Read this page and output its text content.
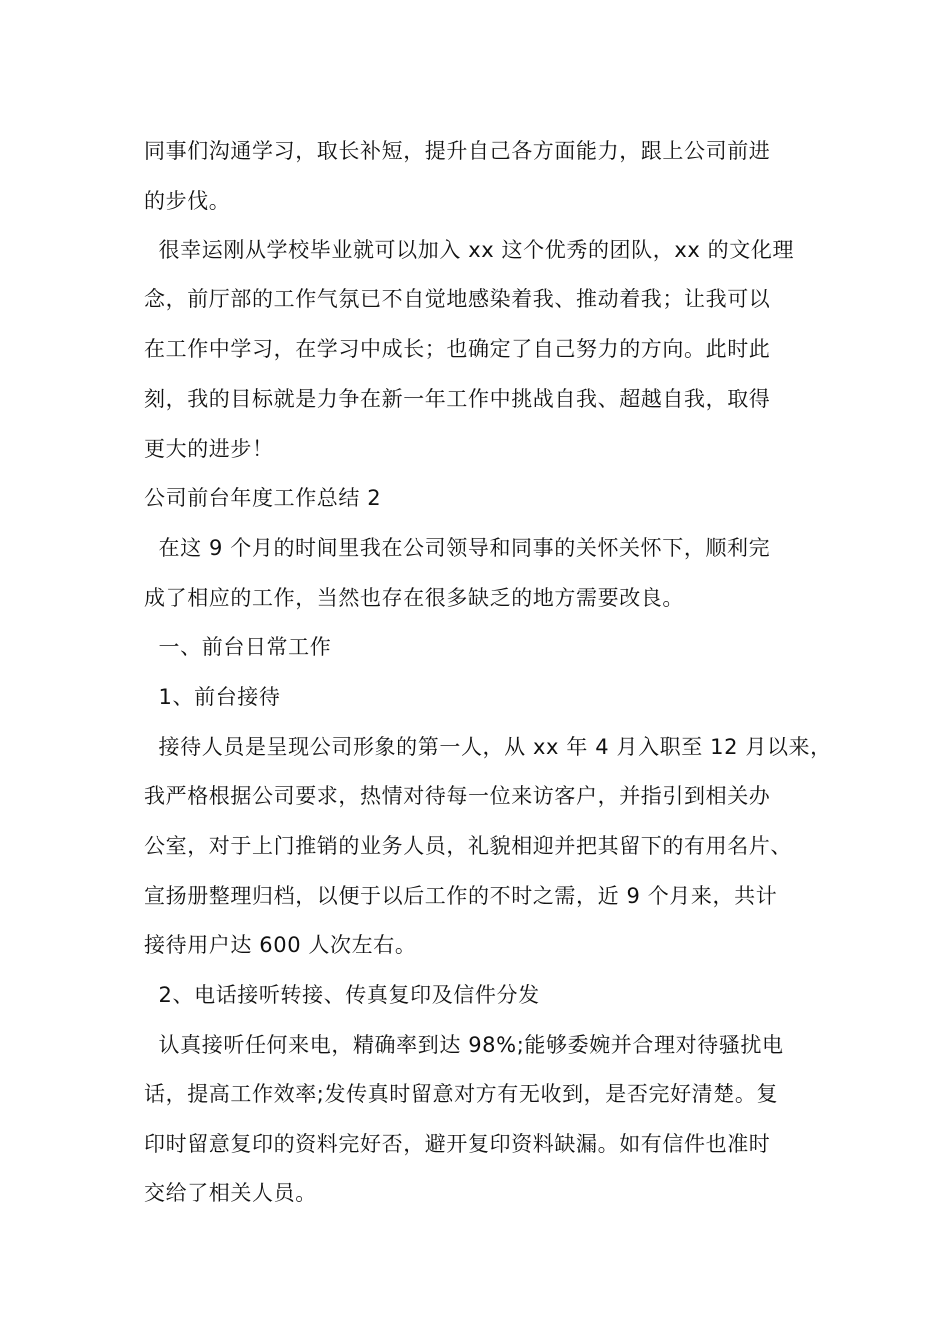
同事们沟通学习，取长补短，提升自己各方面能力，跟上公司前进
的步伐。
很幸运刚从学校毕业就可以加入 xx 这个优秀的团队，xx 的文化理
念，前厅部的工作气氛已不自觉地感染着我、推动着我；让我可以
在工作中学习，在学习中成长；也确定了自己努力的方向。此时此
刻，我的目标就是力争在新一年工作中挑战自我、超越自我，取得
更大的进步！
公司前台年度工作总结 2
在这 9 个月的时间里我在公司领导和同事的关怀关怀下，顺利完
成了相应的工作，当然也存在很多缺乏的地方需要改良。
一、前台日常工作
1、前台接待
接待人员是呈现公司形象的第一人，从 xx 年 4 月入职至 12 月以来，
我严格根据公司要求，热情对待每一位来访客户，并指引到相关办
公室，对于上门推销的业务人员，礼貌相迎并把其留下的有用名片、
宣扬册整理归档，以便于以后工作的不时之需，近 9 个月来，共计
接待用户达 600 人次左右。
2、电话接听转接、传真复印及信件分发
认真接听任何来电，精确率到达 98%;能够委婉并合理对待骚扰电
话，提高工作效率;发传真时留意对方有无收到，是否完好清楚。复
印时留意复印的资料完好否，避开复印资料缺漏。如有信件也准时
交给了相关人员。
